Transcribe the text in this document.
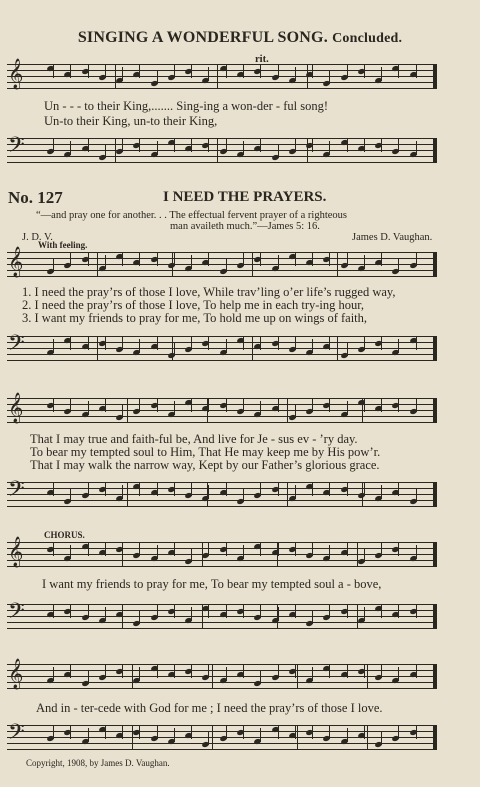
SINGING A WONDERFUL SONG. Concluded.
𝄞	rit.
Un - - - to their King,....... Sing-ing a won-der - ful song!
Un-to their King, un-to their King,
𝄢
No. 127	I NEED THE PRAYERS.
“—and pray one for another. . . The effectual fervent prayer of a righteous
man availeth much.”—James 5: 16.
J. D. V.	James D. Vaughan.
With feeling.
𝄞
1. I need the pray’rs of those I love, While trav’ling o’er life’s rugged way,
2. I need the pray’rs of those I love, To help me in each try-ing hour,
3. I want my friends to pray for me, To hold me up on wings of faith,
𝄢
𝄞
That I may true and faith-ful be, And live for Je - sus ev - ’ry day.
To bear my tempted soul to Him, That He may keep me by His pow’r.
That I may walk the narrow way, Kept by our Father’s glorious grace.
𝄢
CHORUS.
𝄞
I want my friends to pray for me, To bear my tempted soul a - bove,
𝄢
𝄞
And in - ter-cede with God for me ; I need the pray’rs of those I love.
𝄢
Copyright, 1908, by James D. Vaughan.
